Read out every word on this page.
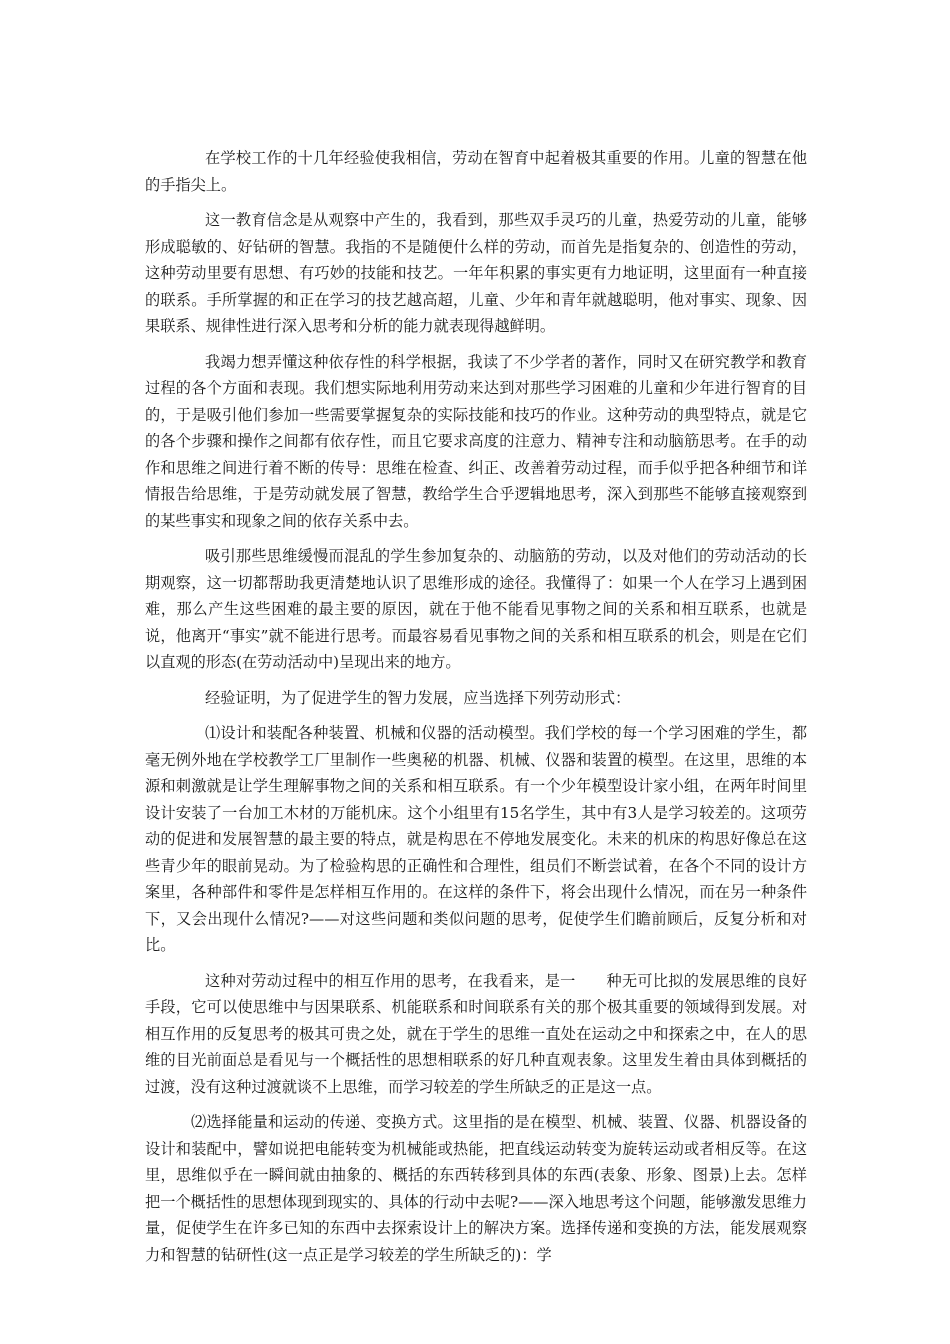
在学校工作的十几年经验使我相信，劳动在智育中起着极其重要的作用。儿童的智慧在他的手指尖上。

这一教育信念是从观察中产生的，我看到，那些双手灵巧的儿童，热爱劳动的儿童，能够形成聪敏的、好钻研的智慧。我指的不是随便什么样的劳动，而首先是指复杂的、创造性的劳动，这种劳动里要有思想、有巧妙的技能和技艺。一年年积累的事实更有力地证明，这里面有一种直接的联系。手所掌握的和正在学习的技艺越高超，儿童、少年和青年就越聪明，他对事实、现象、因果联系、规律性进行深入思考和分析的能力就表现得越鲜明。

我竭力想弄懂这种依存性的科学根据，我读了不少学者的著作，同时又在研究教学和教育过程的各个方面和表现。我们想实际地利用劳动来达到对那些学习困难的儿童和少年进行智育的目的，于是吸引他们参加一些需要掌握复杂的实际技能和技巧的作业。这种劳动的典型特点，就是它的各个步骤和操作之间都有依存性，而且它要求高度的注意力、精神专注和动脑筋思考。在手的动作和思维之间进行着不断的传导：思维在检查、纠正、改善着劳动过程，而手似乎把各种细节和详情报告给思维，于是劳动就发展了智慧，教给学生合乎逻辑地思考，深入到那些不能够直接观察到的某些事实和现象之间的依存关系中去。

吸引那些思维缓慢而混乱的学生参加复杂的、动脑筋的劳动，以及对他们的劳动活动的长期观察，这一切都帮助我更清楚地认识了思维形成的途径。我懂得了：如果一个人在学习上遇到困难，那么产生这些困难的最主要的原因，就在于他不能看见事物之间的关系和相互联系，也就是说，他离开“事实”就不能进行思考。而最容易看见事物之间的关系和相互联系的机会，则是在它们以直观的形态(在劳动活动中)呈现出来的地方。

经验证明，为了促进学生的智力发展，应当选择下列劳动形式：

⑴设计和装配各种装置、机械和仪器的活动模型。我们学校的每一个学习困难的学生，都毫无例外地在学校教学工厂里制作一些奥秘的机器、机械、仪器和装置的模型。在这里，思维的本源和刺激就是让学生理解事物之间的关系和相互联系。有一个少年模型设计家小组，在两年时间里设计安装了一台加工木材的万能机床。这个小组里有15名学生，其中有3人是学习较差的。这项劳动的促进和发展智慧的最主要的特点，就是构思在不停地发展变化。未来的机床的构思好像总在这些青少年的眼前晃动。为了检验构思的正确性和合理性，组员们不断尝试着，在各个不同的设计方案里，各种部件和零件是怎样相互作用的。在这样的条件下，将会出现什么情况，而在另一种条件下，又会出现什么情况?——对这些问题和类似问题的思考，促使学生们瞻前顾后，反复分析和对比。

这种对劳动过程中的相互作用的思考，在我看来，是一　　种无可比拟的发展思维的良好手段，它可以使思维中与因果联系、机能联系和时间联系有关的那个极其重要的领域得到发展。对相互作用的反复思考的极其可贵之处，就在于学生的思维一直处在运动之中和探索之中，在人的思维的目光前面总是看见与一个概括性的思想相联系的好几种直观表象。这里发生着由具体到概括的过渡，没有这种过渡就谈不上思维，而学习较差的学生所缺乏的正是这一点。

⑵选择能量和运动的传递、变换方式。这里指的是在模型、机械、装置、仪器、机器设备的设计和装配中，譬如说把电能转变为机械能或热能，把直线运动转变为旋转运动或者相反等。在这里，思维似乎在一瞬间就由抽象的、概括的东西转移到具体的东西(表象、形象、图景)上去。怎样把一个概括性的思想体现到现实的、具体的行动中去呢?——深入地思考这个问题，能够激发思维力量，促使学生在许多已知的东西中去探索设计上的解决方案。选择传递和变换的方法，能发展观察力和智慧的钻研性(这一点正是学习较差的学生所缺乏的)：学
